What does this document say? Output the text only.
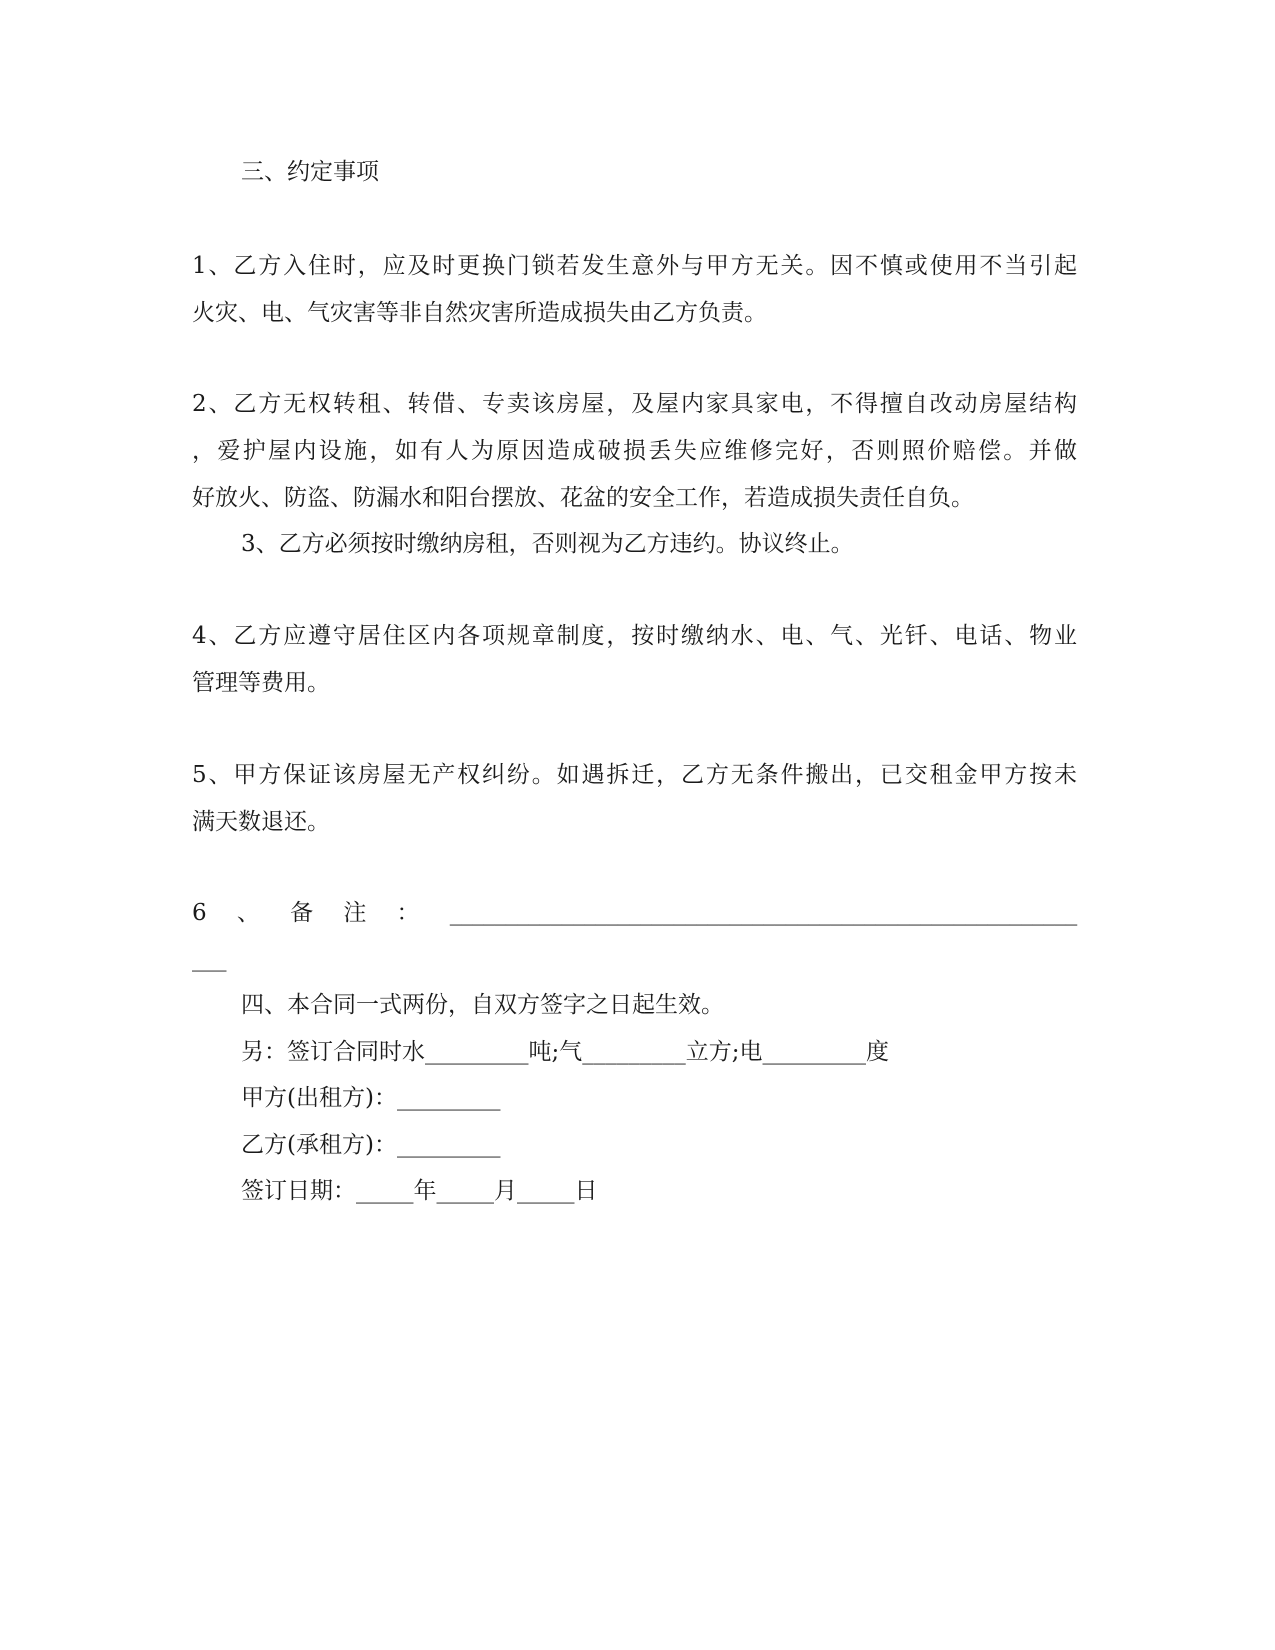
三、约定事项

1、乙方入住时，应及时更换门锁若发生意外与甲方无关。因不慎或使用不当引起

火灾、电、气灾害等非自然灾害所造成损失由乙方负责。

2、乙方无权转租、转借、专卖该房屋，及屋内家具家电，不得擅自改动房屋结构

，爱护屋内设施，如有人为原因造成破损丢失应维修完好，否则照价赔偿。并做

好放火、防盗、防漏水和阳台摆放、花盆的安全工作，若造成损失责任自负。

3、乙方必须按时缴纳房租，否则视为乙方违约。协议终止。

4、乙方应遵守居住区内各项规章制度，按时缴纳水、电、气、光钎、电话、物业

管理等费用。

5、甲方保证该房屋无产权纠纷。如遇拆迁，乙方无条件搬出，已交租金甲方按未

满天数退还。

6、备注：________________________________________________________

___

四、本合同一式两份，自双方签字之日起生效。

另：签订合同时水_________吨;气_________立方;电_________度

甲方(出租方)：_________

乙方(承租方)：_________

签订日期：_____年_____月_____日
